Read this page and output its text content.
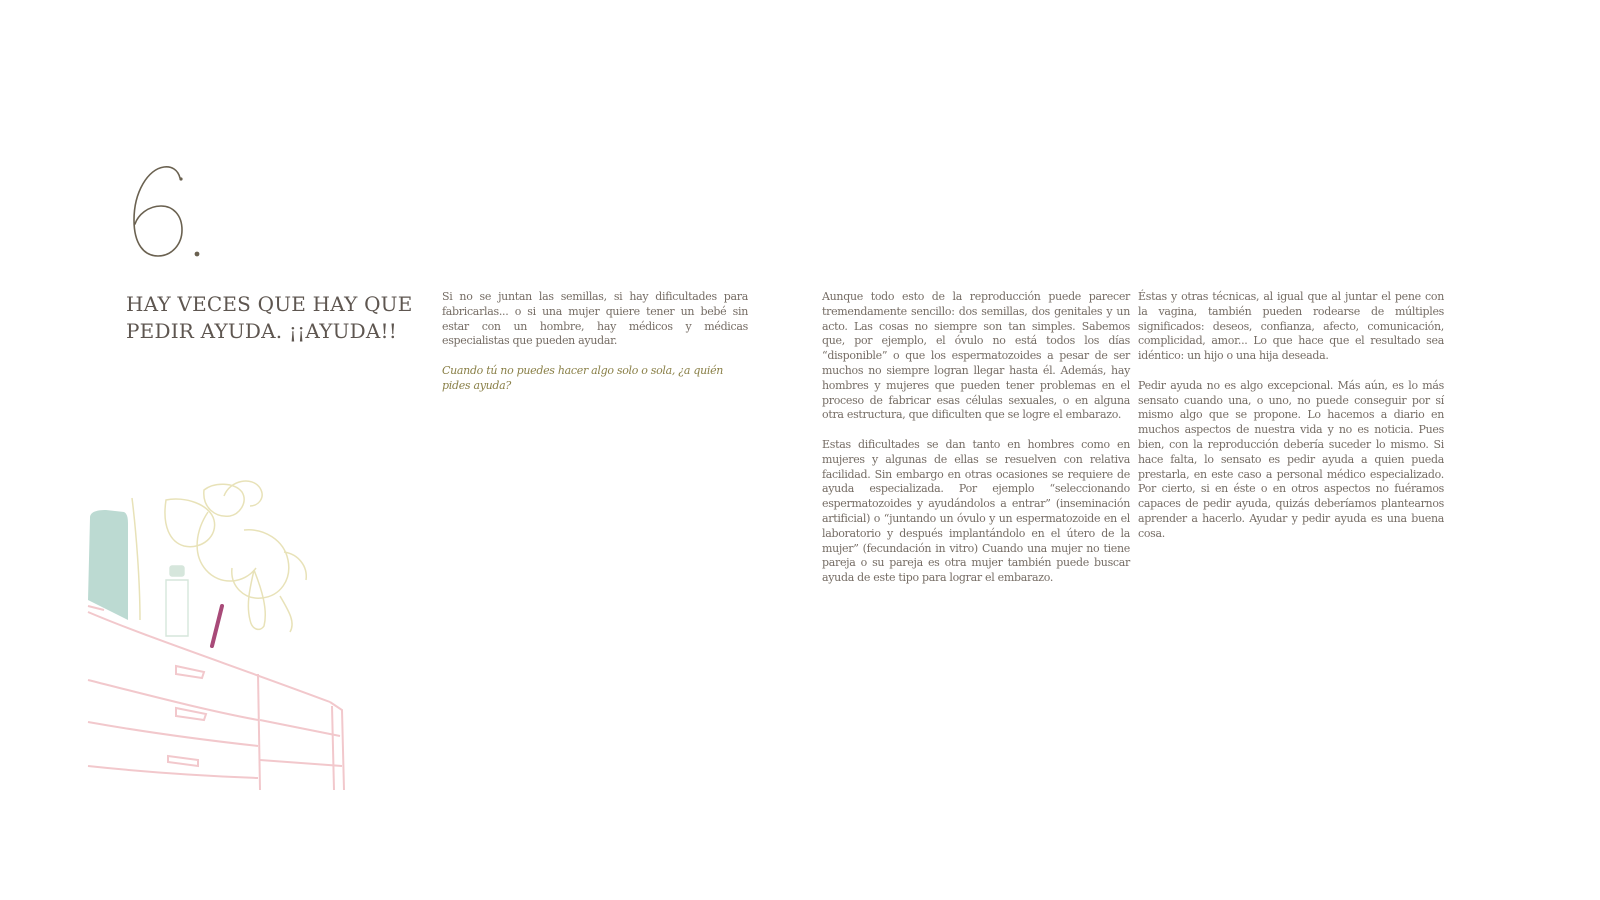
HAY VECES QUE HAY QUE PEDIR AYUDA. ¡¡AYUDA!!

Si no se juntan las semillas, si hay dificultades para fabricarlas... o si una mujer quiere tener un bebé sin estar con un hombre, hay médicos y médicas especialistas que pueden ayudar.

Cuando tú no puedes hacer algo solo o sola, ¿a quién pides ayuda?

Aunque todo esto de la reproducción puede parecer tremendamente sencillo: dos semillas, dos genitales y un acto. Las cosas no siempre son tan simples. Sabemos que, por ejemplo, el óvulo no está todos los días “disponible” o que los espermatozoides a pesar de ser muchos no siempre logran llegar hasta él. Además, hay hombres y mujeres que pueden tener problemas en el proceso de fabricar esas células sexuales, o en alguna otra estructura, que dificulten que se logre el embarazo.

Estas dificultades se dan tanto en hombres como en mujeres y algunas de ellas se resuelven con relativa facilidad. Sin embargo en otras ocasiones se requiere de ayuda especializada. Por ejemplo “seleccionando espermatozoides y ayudándolos a entrar” (inseminación artificial) o “juntando un óvulo y un espermatozoide en el laboratorio y después implantándolo en el útero de la mujer” (fecundación in vitro) Cuando una mujer no tiene pareja o su pareja es otra mujer también puede buscar ayuda de este tipo para lograr el embarazo.

Éstas y otras técnicas, al igual que al juntar el pene con la vagina, también pueden rodearse de múltiples significados: deseos, confianza, afecto, comunicación, complicidad, amor... Lo que hace que el resultado sea idéntico: un hijo o una hija deseada.

Pedir ayuda no es algo excepcional. Más aún, es lo más sensato cuando una, o uno, no puede conseguir por sí mismo algo que se propone. Lo hacemos a diario en muchos aspectos de nuestra vida y no es noticia. Pues bien, con la reproducción debería suceder lo mismo. Si hace falta, lo sensato es pedir ayuda a quien pueda prestarla, en este caso a personal médico especializado. Por cierto, si en éste o en otros aspectos no fuéramos capaces de pedir ayuda, quizás deberíamos plantearnos aprender a hacerlo. Ayudar y pedir ayuda es una buena cosa.
